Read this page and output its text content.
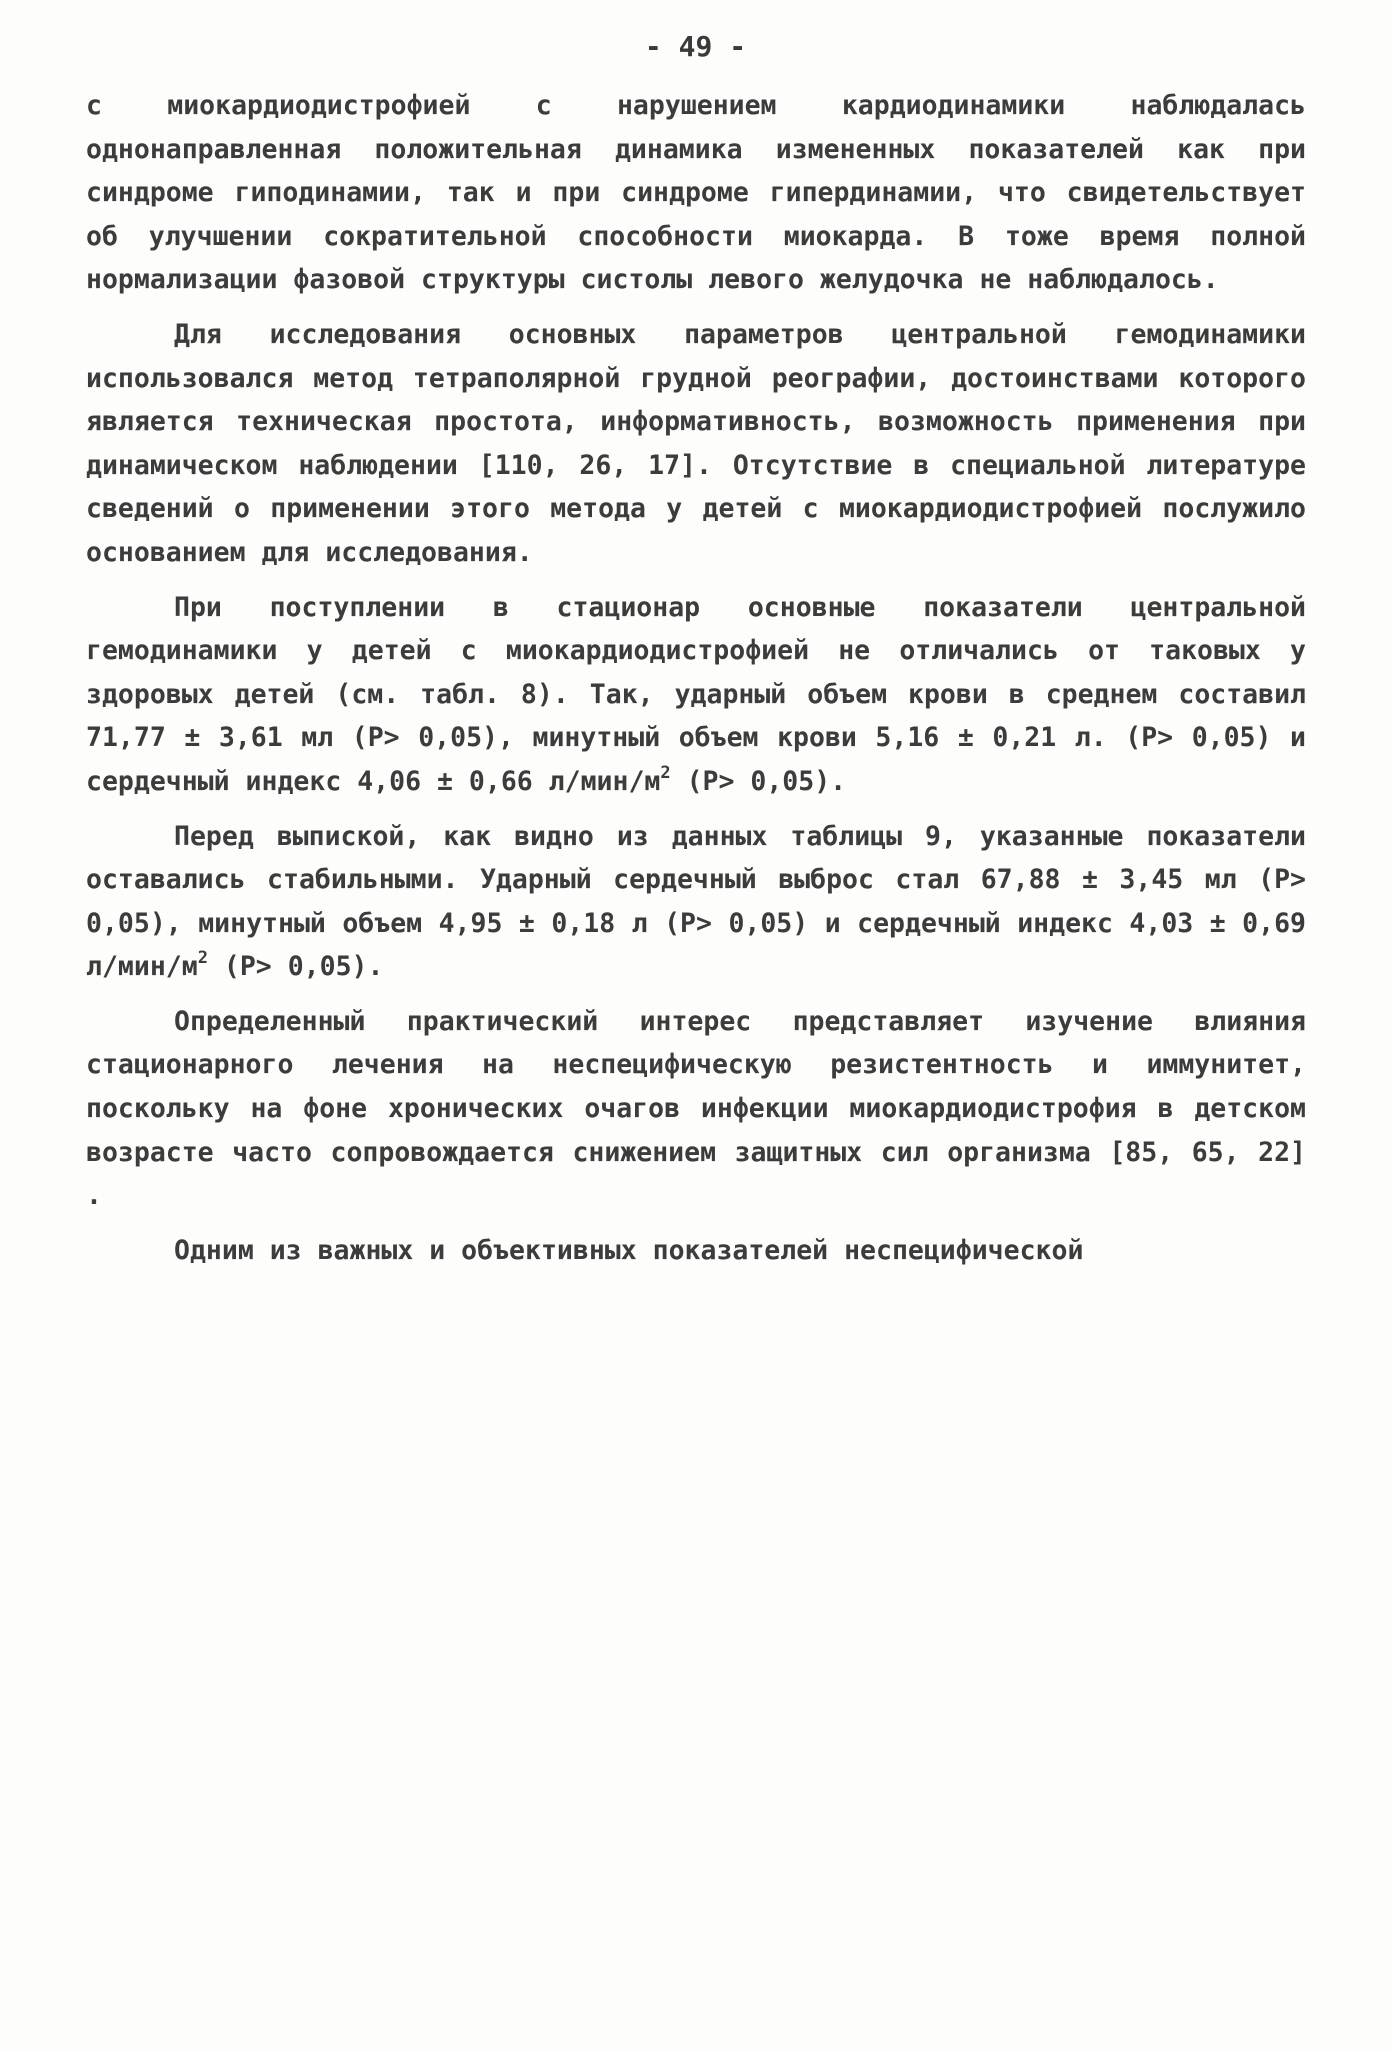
- 49 -

с миокардиодистрофией с нарушением кардиодинамики наблюдалась однонаправленная положительная динамика измененных показателей как при синдроме гиподинамии, так и при синдроме гипердинамии, что свидетельствует об улучшении сократительной способности миокарда. В тоже время полной нормализации фазовой структуры систолы левого желудочка не наблюдалось.

Для исследования основных параметров центральной гемодинамики использовался метод тетраполярной грудной реографии, достоинствами которого является техническая простота, информативность, возможность применения при динамическом наблюдении [110, 26, 17]. Отсутствие в специальной литературе сведений о применении этого метода у детей с миокардиодистрофией послужило основанием для исследования.

При поступлении в стационар основные показатели центральной гемодинамики у детей с миокардиодистрофией не отличались от таковых у здоровых детей (см. табл. 8). Так, ударный объем крови в среднем составил 71,77 ± 3,61 мл (P> 0,05), минутный объем крови 5,16 ± 0,21 л. (P> 0,05) и сердечный индекс 4,06 ± 0,66 $л/мин/м^2$ (P> 0,05).

Перед выпиской, как видно из данных таблицы 9, указанные показатели оставались стабильными. Ударный сердечный выброс стал 67,88 ± 3,45 мл (P> 0,05), минутный объем 4,95 ± 0,18 л (P> 0,05) и сердечный индекс 4,03 ± 0,69 $л/мин/м^2$ (P> 0,05).

Определенный практический интерес представляет изучение влияния стационарного лечения на неспецифическую резистентность и иммунитет, поскольку на фоне хронических очагов инфекции миокардиодистрофия в детском возрасте часто сопровождается снижением защитных сил организма [85, 65, 22] .

Одним из важных и объективных показателей неспецифической
